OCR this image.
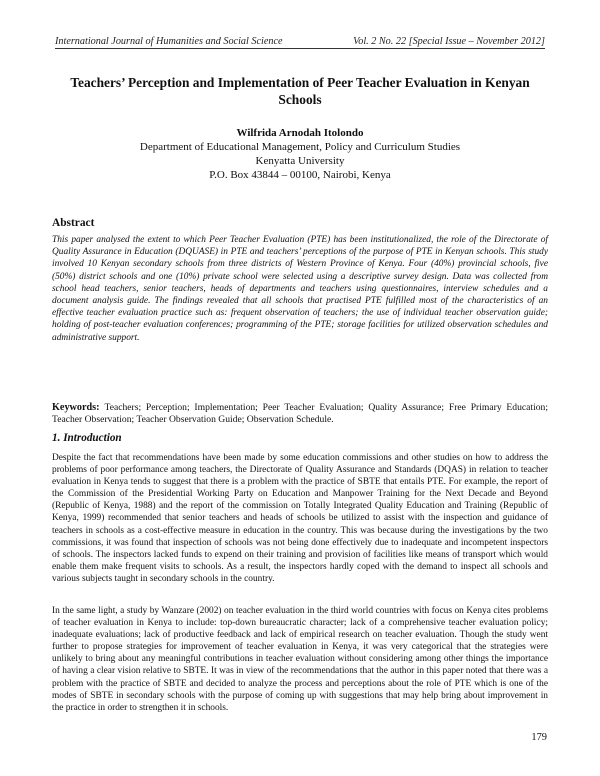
International Journal of Humanities and Social Science	Vol. 2 No. 22 [Special Issue – November 2012]
Teachers’ Perception and Implementation of Peer Teacher Evaluation in Kenyan Schools
Wilfrida Arnodah Itolondo
Department of Educational Management, Policy and Curriculum Studies
Kenyatta University
P.O. Box 43844 – 00100, Nairobi, Kenya
Abstract
This paper analysed the extent to which Peer Teacher Evaluation (PTE) has been institutionalized, the role of the Directorate of Quality Assurance in Education (DQUASE) in PTE and teachers’ perceptions of the purpose of PTE in Kenyan schools. This study involved 10 Kenyan secondary schools from three districts of Western Province of Kenya. Four (40%) provincial schools, five (50%) district schools and one (10%) private school were selected using a descriptive survey design. Data was collected from school head teachers, senior teachers, heads of departments and teachers using questionnaires, interview schedules and a document analysis guide. The findings revealed that all schools that practised PTE fulfilled most of the characteristics of an effective teacher evaluation practice such as: frequent observation of teachers; the use of individual teacher observation guide; holding of post-teacher evaluation conferences; programming of the PTE; storage facilities for utilized observation schedules and administrative support.
Keywords: Teachers; Perception; Implementation; Peer Teacher Evaluation; Quality Assurance; Free Primary Education; Teacher Observation; Teacher Observation Guide; Observation Schedule.
1. Introduction
Despite the fact that recommendations have been made by some education commissions and other studies on how to address the problems of poor performance among teachers, the Directorate of Quality Assurance and Standards (DQAS) in relation to teacher evaluation in Kenya tends to suggest that there is a problem with the practice of SBTE that entails PTE. For example, the report of the Commission of the Presidential Working Party on Education and Manpower Training for the Next Decade and Beyond (Republic of Kenya, 1988) and the report of the commission on Totally Integrated Quality Education and Training (Republic of Kenya, 1999) recommended that senior teachers and heads of schools be utilized to assist with the inspection and guidance of teachers in schools as a cost-effective measure in education in the country. This was because during the investigations by the two commissions, it was found that inspection of schools was not being done effectively due to inadequate and incompetent inspectors of schools. The inspectors lacked funds to expend on their training and provision of facilities like means of transport which would enable them make frequent visits to schools. As a result, the inspectors hardly coped with the demand to inspect all schools and various subjects taught in secondary schools in the country.
In the same light, a study by Wanzare (2002) on teacher evaluation in the third world countries with focus on Kenya cites problems of teacher evaluation in Kenya to include: top-down bureaucratic character; lack of a comprehensive teacher evaluation policy; inadequate evaluations; lack of productive feedback and lack of empirical research on teacher evaluation. Though the study went further to propose strategies for improvement of teacher evaluation in Kenya, it was very categorical that the strategies were unlikely to bring about any meaningful contributions in teacher evaluation without considering among other things the importance of having a clear vision relative to SBTE. It was in view of the recommendations that the author in this paper noted that there was a problem with the practice of SBTE and decided to analyze the process and perceptions about the role of PTE which is one of the modes of SBTE in secondary schools with the purpose of coming up with suggestions that may help bring about improvement in the practice in order to strengthen it in schools.
179
